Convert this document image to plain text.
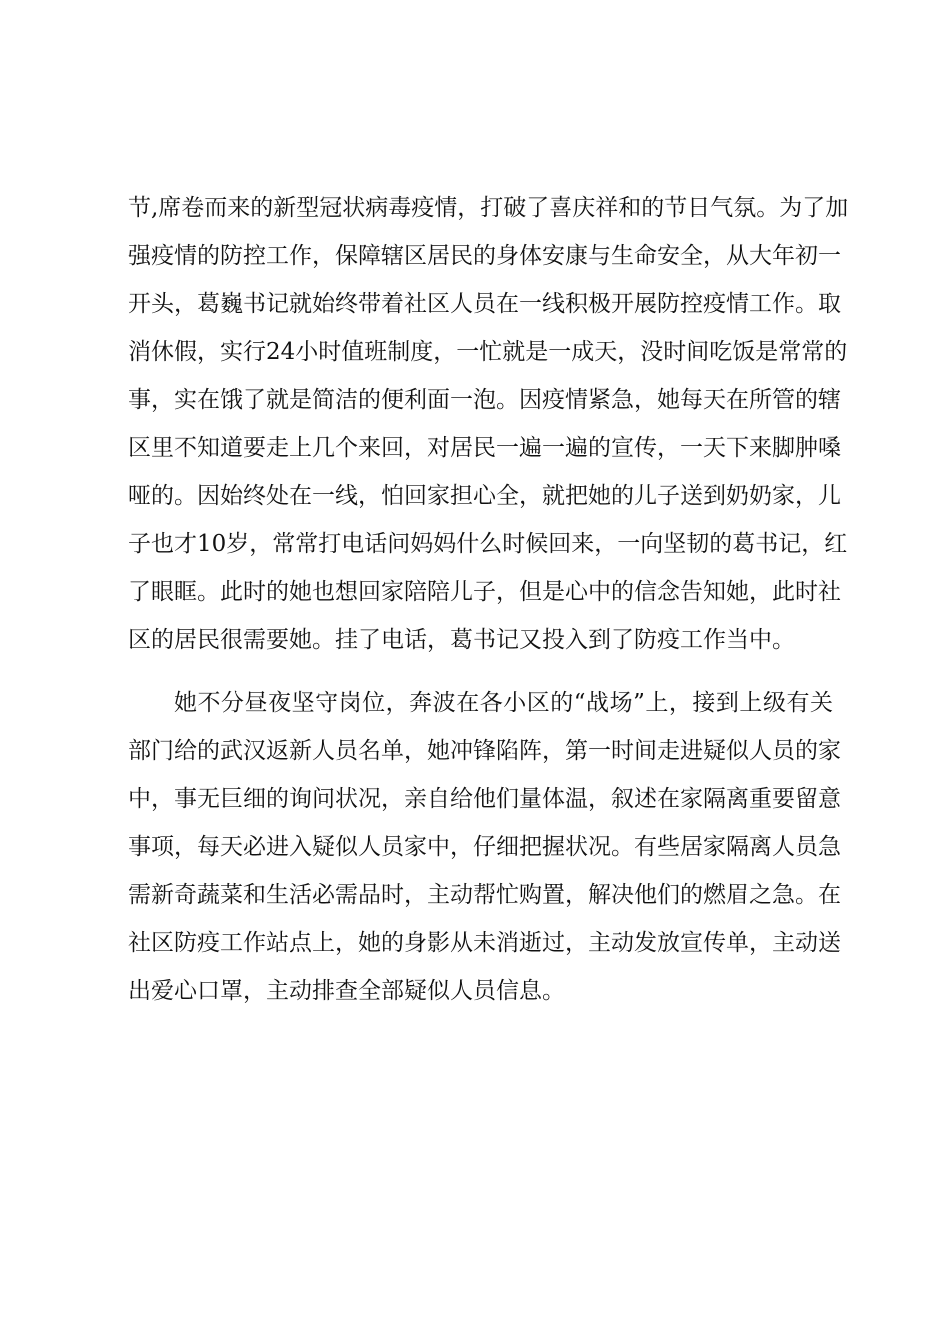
节,席卷而来的新型冠状病毒疫情，打破了喜庆祥和的节日气氛。为了加
强疫情的防控工作，保障辖区居民的身体安康与生命安全，从大年初一
开头，葛巍书记就始终带着社区人员在一线积极开展防控疫情工作。取
消休假，实行24小时值班制度，一忙就是一成天，没时间吃饭是常常的
事，实在饿了就是简洁的便利面一泡。因疫情紧急，她每天在所管的辖
区里不知道要走上几个来回，对居民一遍一遍的宣传，一天下来脚肿嗓
哑的。因始终处在一线，怕回家担心全，就把她的儿子送到奶奶家，儿
子也才10岁，常常打电话问妈妈什么时候回来，一向坚韧的葛书记，红
了眼眶。此时的她也想回家陪陪儿子，但是心中的信念告知她，此时社
区的居民很需要她。挂了电话，葛书记又投入到了防疫工作当中。
她不分昼夜坚守岗位，奔波在各小区的“战场”上，接到上级有关
部门给的武汉返新人员名单，她冲锋陷阵，第一时间走进疑似人员的家
中，事无巨细的询问状况，亲自给他们量体温，叙述在家隔离重要留意
事项，每天必进入疑似人员家中，仔细把握状况。有些居家隔离人员急
需新奇蔬菜和生活必需品时，主动帮忙购置，解决他们的燃眉之急。在
社区防疫工作站点上，她的身影从未消逝过，主动发放宣传单，主动送
出爱心口罩，主动排查全部疑似人员信息。
